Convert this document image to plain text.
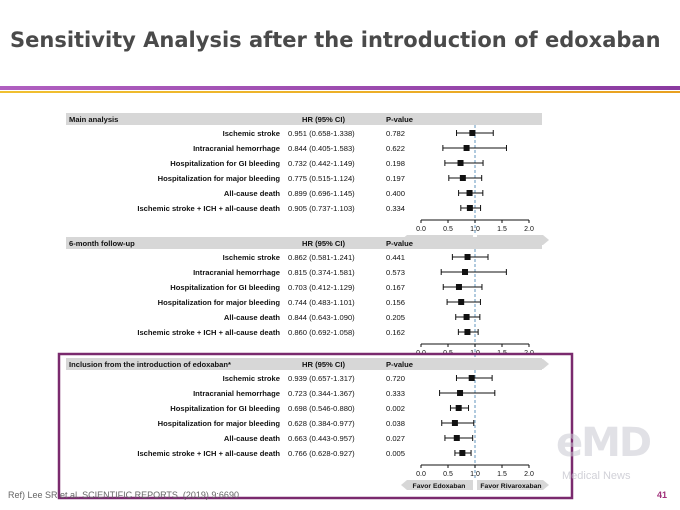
Sensitivity Analysis after the introduction of edoxaban
Main analysis	HR (95% CI)	P-value
Ischemic stroke 0.951 (0.658-1.338)	0.782
Intracranial hemorrhage 0.844 (0.405-1.583)	0.622
Hospitalization for GI bleeding 0.732 (0.442-1.149)	0.198
Hospitalization for major bleeding 0.775 (0.515-1.124)	0.197
All-cause death 0.899 (0.696-1.145)	0.400
Ischemic stroke + ICH + all-cause death 0.905 (0.737-1.103)	0.334
0.0 0.5 1.0 1.5 2.0
6-month follow-up	HR (95% CI)	P-value
Ischemic stroke 0.862 (0.581-1.241)	0.441
Intracranial hemorrhage 0.815 (0.374-1.581)	0.573
Hospitalization for GI bleeding 0.703 (0.412-1.129)	0.167
Hospitalization for major bleeding 0.744 (0.483-1.101)	0.156
All-cause death 0.844 (0.643-1.090)	0.205
Ischemic stroke + ICH + all-cause death 0.860 (0.692-1.058)	0.162
0.0 0.5 1.0 1.5 2.0
Inclusion from the introduction of edoxaban*	HR (95% CI)	P-value
Ischemic stroke 0.939 (0.657-1.317)	0.720
Intracranial hemorrhage 0.723 (0.344-1.367)	0.333
Hospitalization for GI bleeding 0.698 (0.546-0.880)	0.002
Hospitalization for major bleeding 0.628 (0.384-0.977)	0.038
All-cause death 0.663 (0.443-0.957)	0.027
Ischemic stroke + ICH + all-cause death 0.766 (0.628-0.927)	0.005
0.0 0.5 1.0 1.5 2.0
Favor Edoxaban Favor Rivaroxaban
eMD
Medical News
Ref) Lee SR et al. SCIENTIFIC REPORTS. (2019) 9:6690	41
